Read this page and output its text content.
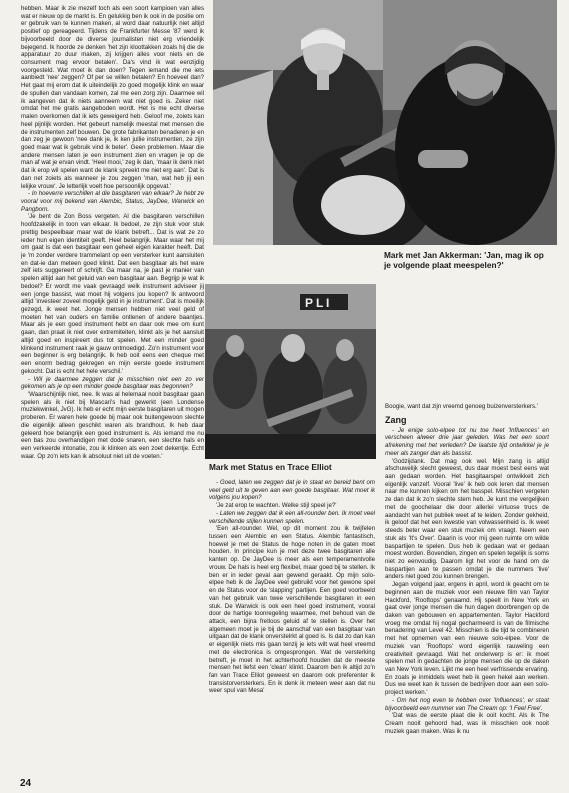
P L I

Mark met Jan Akkerman: 'Jan, mag ik op je volgende plaat meespelen?'

Mark met Status en Trace Elliot

hebben. Maar ik zie mezelf toch als een soort kampioen van alles wat er nieuw op de markt is. En gelukkig ben ik ook in de positie om er gebruik van te kunnen maken, al word daar natuurlijk niet altijd positief op gereageerd. Tijdens de Frankfurter Messe '87 werd ik bijvoorbeeld door de diverse journalisten niet erg vriendelijk bejegend. Ik hoorde ze denken 'het zijn kloottakken zoals hij die de apparatuur zo duur maken, zij krijgen alles voor niets en de consument mag ervoor betalen'. Da's vind ik wat eenzijdig voorgesteld. Wat moet ik dan doen? Tegen iemand die me iets aanbiedt 'nee' zeggen? Of per se willen betalen? En hoeveel dan? Het gaat mij erom dat ik uiteindelijk zo goed mogelijk klink en waar de spullen dan vandaan komen, zal me een zorg zijn. Daarmee wil ik aangeven dat ik niets aanneem wat niet goed is. Zeker niet omdat het me gratis aangeboden wordt. Het is me echt diverse malen overkomen dat ik iets geweigerd heb. Geloof me, zoiets kan heel pijnlijk worden. Het gebeurt namelijk meestal met mensen die de instrumenten zelf bouwen. De grote fabrikanten benaderen je en dan zeg je gewoon 'nee dank je, ik ken jullie instrumenten, ze zijn goed maar wat ik gebruik vind ik beter'. Geen problemen. Maar die andere mensen laten je een instrument zien en vragen je op de man af wat je ervan vindt. 'Heel mooi,' zeg ik dan, 'maar ik denk niet dat ik erop wil spelen want de klank spreekt me niet erg aan'. Dat is dan net zoiets als wanneer je zou zeggen 'man, wat heb jij een lelijke vrouw'. Je letterlijk voelt hoe persoonlijk opgevat.'

- In hoeverre verschillen al die basgitaren van elkaar? Je hebt ze vooral voor mij bekend van Alembic, Status, JayDee, Warwick en Pangborn.

'Je bent de Zon Boss vergeten. Al die basgitaren verschillen hoofdzakelijk in toon van elkaar. Ik bedoel, ze zijn stuk voor stuk prettig bespeelbaar maar wat de klank betreft... Dat is wat ze zo ieder hun eigen identiteit geeft. Heel belangrijk. Maar waar het mij om gaat is dat een basgitaar een geheel eigen karakter heeft. Dat je 'm zonder verdere trammelant op een versterker kunt aansluiten en dat-ie dan meteen goed klinkt. Dat een basgitaar als het ware zelf iets suggereert of schrijft. Ga maar na, je past je manier van spelen altijd aan het geluid van een basgitaar aan. Begrijp je wat ik bedoel? Er wordt me vaak gevraagd welk instrument adviseer jij een jonge bassist, wat moet hij volgens jou kopen? Ik antwoord altijd 'investeer zoveel mogelijk geld in je instrument'. Dat is moeilijk gezegd, ik weet het. Jonge mensen hebben niet veel geld of moeten het van ouders en familie ontlenen of andere baantjes. Maar als je een goed instrument hebt en daar ook mee om kunt gaan, dan praat ik niet over extremiteiten, klinkt als je het aansluit altijd goed en inspireert dus tot spelen. Met een minder goed klinkend instrument raak je gauw ontmoedigd. Zo'n instrument voor een beginner is erg belangrijk. Ik heb ooit eens een cheque met een enorm bedrag gekregen en mijn eerste goede instrument gekocht. Dat is echt het hele verschil.'

- Wil je daarmee zeggen dat je misschien niet een zo ver gekomen als je op een minder goede basgitaar was begonnen?

'Waarschijnlijk niet, nee. Ik was al helemaal nooit basgitaar gaan spelen als ik niet bij Mascari's had gewerkt (een Londense muziekwinkel, JvG). Ik heb er echt mijn eerste basgitaren uit mogen proberen. Er waren hele goede bij maar ook buitengewoon slechte die eigenlijk alleen geschikt waren als brandhout. Ik heb daar geleerd hoe belangrijk een goed instrument is. Als iemand me nu een bas zou overhandigen met dode snaren, een slechte hals en een verkeerde intonatie, zou ik klinken als een zoet dekentje. Echt waar. Op zo'n iets kan ik absoluut niet uit de voeten.'

- Goed, laten we zeggen dat je in staat en bereid bent om veel geld uit te geven aan een goede basgitaar. Wat moet ik volgens jou kopen?

'Je zat erop te wachten. Welke stijl speel je?'

- Laten we zeggen dat ik een all-rounder ben. Ik moet veel verschillende stijlen kunnen spelen.

'Een all-rounder. Wel, op dit moment zou ik twijfelen tussen een Alembic en een Status. Alembic fantastisch, hoewel je met de Status de hoge noten in de gaten moet houden. In principe kun je met deze twee basgitaren alle kanten op. De JayDee is meer als een temperamentvolle vrouw. De hals is heel erg flexibel, maar goed bij te stellen. Ik ben er in ieder geval aan gewend geraakt. Op mijn solo-elpee heb ik de JayDee veel gebruikt voor het gewone spel en de Status voor de 'slapping' partijen. Een goed voorbeeld van het gebruik van twee verschillende basgitaren in een stuk. De Warwick is ook een heel goed instrument, vooral door de hartige toonregeling waarmee, met behoud van de attack, een bijna fretloos geluid af te stellen is. Over het algemeen moet je je bij de aanschaf van een basgitaar van uitgaan dat de klank onverstelrkt al goed is. Is dat zo dan kan er eigenlijk niets mis gaan tenzij je iets wilt wat heel vreemd met de electronica is omgesprongen. Wat de versterking betreft, je moet in het achterhoofd houden dat de meeste mensen het liefst een 'clean' klinkt. Daarom ben ik altijd zo'n fan van Trace Elliot geweest en daarom ook preferenter ik transistorversterkers. En ik denk ik meteen weer aan dat nu weer spul van Mesa'

Boogie, want dat zijn vreemd genoeg buizenversterkers.'

Zang

- Je enige solo-elpee tot nu toe heet 'Influences' en verscheen alweer drie jaar geleden. Was het een soort afrekening met het verleden? De laatste tijd ontwikkel je je meer als zanger dan als bassist.

'Godzijdank. Dat mag ook wel. Mijn zang is altijd afschuwelijk slecht geweest, dus daar moest best eens wat aan gedaan worden. Het basgitaarspel ontwikkelt zich eigenlijk vanzelf. Vooral 'live' ik heb ook leren dat mensen naar me kunnen kijken om het basspel. Misschien vergeten ze dan dat ik zo'n slechte stem heb. Je kunt me vergelijken met de goochelaar die door allerlei virtuose trucs de aandacht van het publiek weet af te leiden. Zonder gekheid, ik geloof dat het een kwestie van volwassenheid is. Ik weet steeds beter waar een stuk muziek om vraagt. Neem een stuk als 'It's Over'. Daarin is voor mij geen ruimte om wilde baspartijen te spelen. Dus heb ik gedaan wat er gedaan moest worden. Bovendien, zingen en spelen tegelijk is soms niet zo eenvoudig. Daarom ligt het voor de hand om de baspartijen aan te passen omdat je die nummers 'live' anders niet goed zou kunnen brengen.

Jegan volgend jaar, ergens in april, word ik geacht om te beginnen aan de muziek voor een nieuwe film van Taylor Hackford, 'Rooftops' genaamd. Hij speelt in New York en gaat over jonge mensen die hun dagen doorbrengen op de daken van gebouwen en appartementen. Taylor Hackford vroeg me omdat hij nogal gecharmeerd is van de filmische benadering van Level 42. Misschien is die tijd te combineren met het opnemen van een nieuwe solo-elpee. Voor de muziek van 'Rooftops' word eigenlijk rauweling een creativiteit gevraagd. Wat het onderwerp is er: ik moet spelen met in gedachten de jonge mensen die op de daken van New York leven. Lijkt me een heel verfrissende ervaring. En zoals je inmiddels weet heb ik geen hekel aan werken. Dus we weet kan ik tussen de bedrijven door aan een solo-project werken.'

- Om het nog even te hebben over 'Influences', er staat bijvoorbeeld een nummer van The Cream op: 'I Feel Free'.

'Dat was de eerste plaat die ik ooit kocht. Als ik The Cream nooit gehoord had, was ik misschien ook nooit muziek gaan maken. Was ik nu

24
